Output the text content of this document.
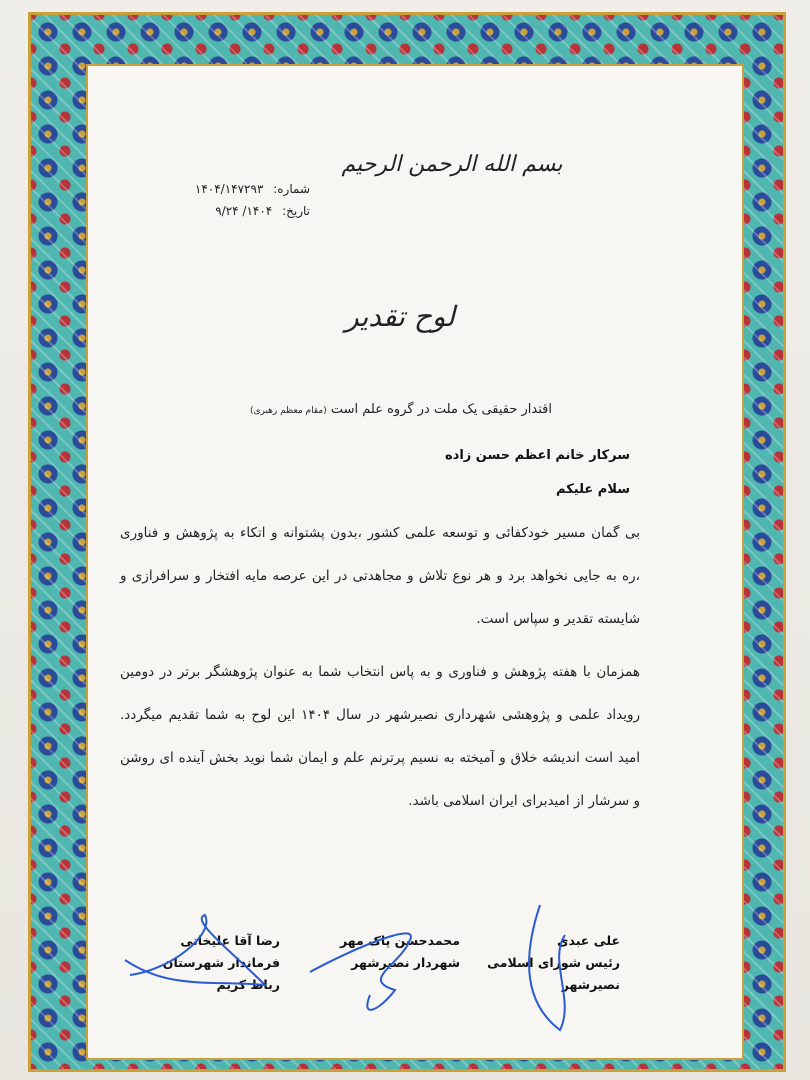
بسم الله الرحمن الرحیم
شماره: ۱۴۰۴/۱۴۷۲۹۳
تاریخ: ۱۴۰۴/ ۹/۲۴
لوح تقدیر
اقتدار حقیقی یک ملت در گروه علم است (مقام معظم رهبری)
سرکار خانم اعظم حسن زاده
سلام علیکم

بی گمان مسیر خودکفائی و توسعه علمی کشور ،بدون پشتوانه و اتکاء به پژوهش و فناوری ،ره به جایی نخواهد برد و هر نوع تلاش و مجاهدتی در این عرصه مایه افتخار و سرافرازی و شایسته تقدیر و سپاس است.

همزمان با هفته پژوهش و فناوری و به پاس انتخاب شما به عنوان پژوهشگر برتر در دومین رویداد علمی و پژوهشی شهرداری نصیرشهر در سال ۱۴۰۴ این لوح به شما تقدیم میگردد. امید است اندیشه خلاق و آمیخته به نسیم پرترنم علم و ایمان شما نوید بخش آینده ای روشن و سرشار از امیدبرای ایران اسلامی باشد.

علی عبدی
رئیس شورای اسلامی
نصیرشهر
محمدحسن پاک مهر
شهردار نصیرشهر
رضا آقا علیخانی
فرماندار شهرستان
رباط کریم
